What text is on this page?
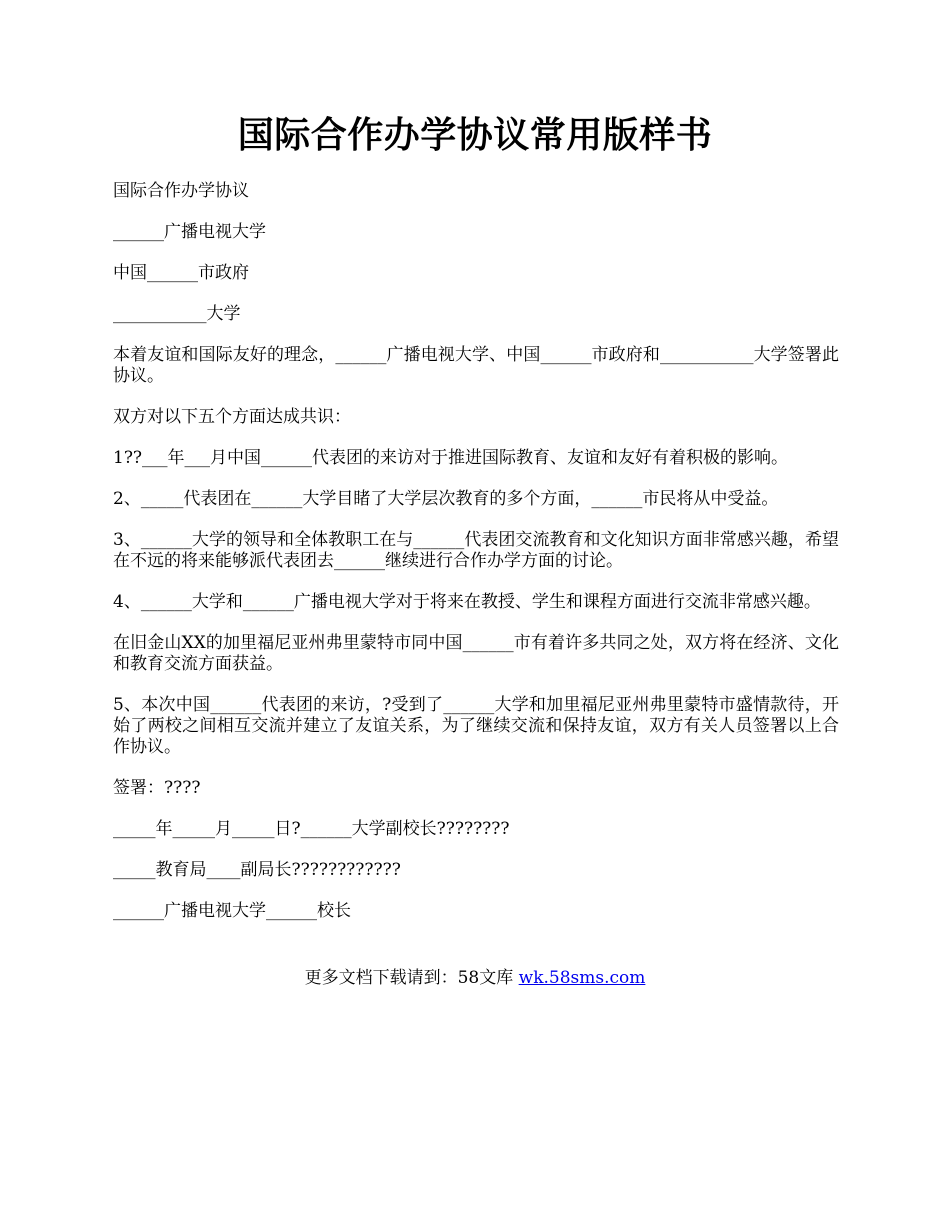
国际合作办学协议常用版样书

国际合作办学协议

______广播电视大学

中国______市政府

___________大学

本着友谊和国际友好的理念，______广播电视大学、中国______市政府和___________大学签署此协议。

双方对以下五个方面达成共识：

1??___年___月中国______代表团的来访对于推进国际教育、友谊和友好有着积极的影响。

2、_____代表团在______大学目睹了大学层次教育的多个方面，______市民将从中受益。

3、______大学的领导和全体教职工在与______代表团交流教育和文化知识方面非常感兴趣，希望在不远的将来能够派代表团去______继续进行合作办学方面的讨论。

4、______大学和______广播电视大学对于将来在教授、学生和课程方面进行交流非常感兴趣。

在旧金山XX的加里福尼亚州弗里蒙特市同中国______市有着许多共同之处，双方将在经济、文化和教育交流方面获益。

5、本次中国______代表团的来访，?受到了______大学和加里福尼亚州弗里蒙特市盛情款待，开始了两校之间相互交流并建立了友谊关系，为了继续交流和保持友谊，双方有关人员签署以上合作协议。

签署：????

_____年_____月_____日?______大学副校长????????

_____教育局____副局长????????????

______广播电视大学______校长

更多文档下载请到：58文库 wk.58sms.com
